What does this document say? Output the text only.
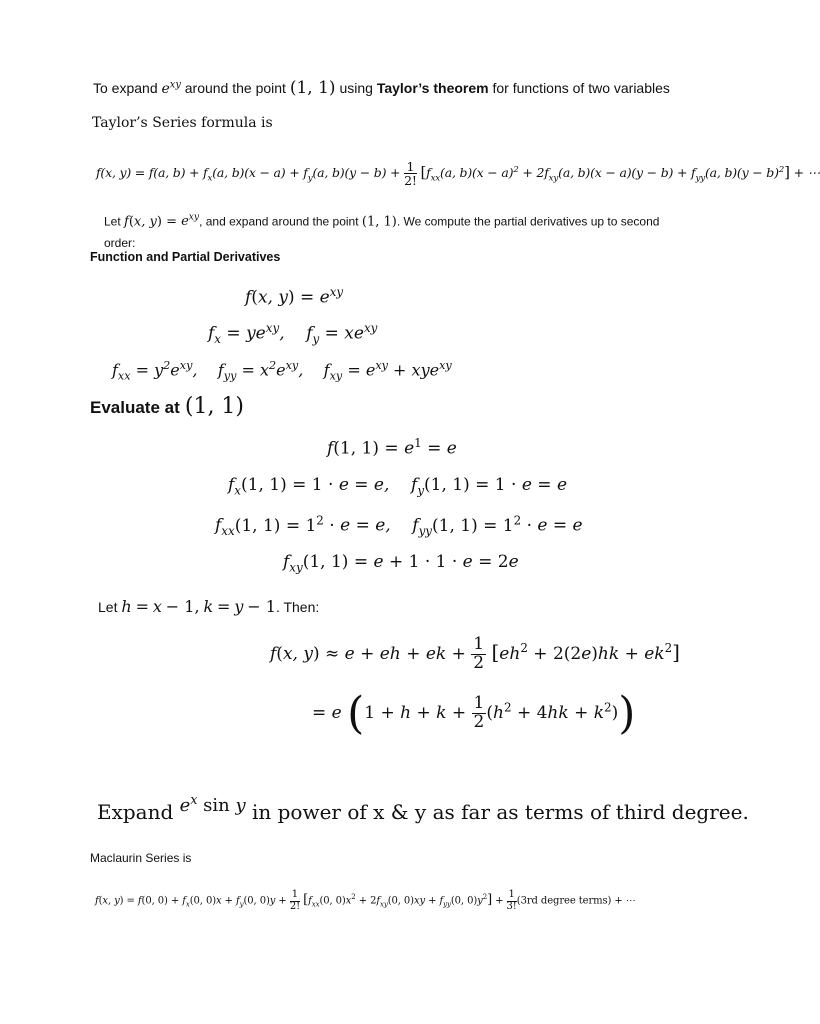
To expand $e^{xy}$ around the point (1, 1) using Taylor’s theorem for functions of two variables
Taylor’s Series formula is
f(x, y) = f(a, $b) + f_x(a$, $b)(x - a) + f_y(a$, $b)(y - b) + \frac{1}{2!} [f_{xx}(a$, $b)(x - a)^2 + 2f_{xy}(a$, $b)(x - a)(y - b) + f_{yy}(a$, $b)(y - b)^2$] + ⋯
Let f(x, $y) = e^{xy}$, and expand around the point (1, 1). We compute the partial derivatives up to second
order:
Function and Partial Derivatives
f(x, $y) = e^{xy}$
$f_x = ye^{xy}$,    $f_y = xe^{xy}$
$f_{xx} = y^2e^{xy}$,    $f_{yy} = x^2e^{xy}$,    $f_{xy} = e^{xy} + xye^{xy}$
Evaluate at (1, 1)
f(1, $1) = e^1 = e$
$f_x(1$, 1) = 1 · e = e,    $f_y(1$, 1) = 1 · e = e
$f_{xx}(1$, $1) = 1^2 \cdot e = e$,    $f_{yy}(1$, $1) = 1^2 \cdot e = e$
$f_{xy}(1$, 1) = e + 1 · 1 · e = 2e
Let h = x − 1, k = y − 1. Then:
f(x, y) ≈ e + eh + ek + $\frac{1}{2} [eh^2 + 2(2e)hk + ek^2]$
= e $(1 + h + k + \frac{1}{2} (h^2 + 4hk + k^2))$
Expand $e^x$ sin y in power of x & y as far as terms of third degree.
Maclaurin Series is
f(x, y) = f(0, $0) + f_x(0$, $0)x + f_y(0$, $0)y + \frac{1}{2!} [f_{xx}(0$, $0)x^2 + 2f_{xy}(0$, $0)xy + f_{yy}(0$, $0)y^2] + \frac{1}{3!} (3rd$ degree terms) + ⋯
